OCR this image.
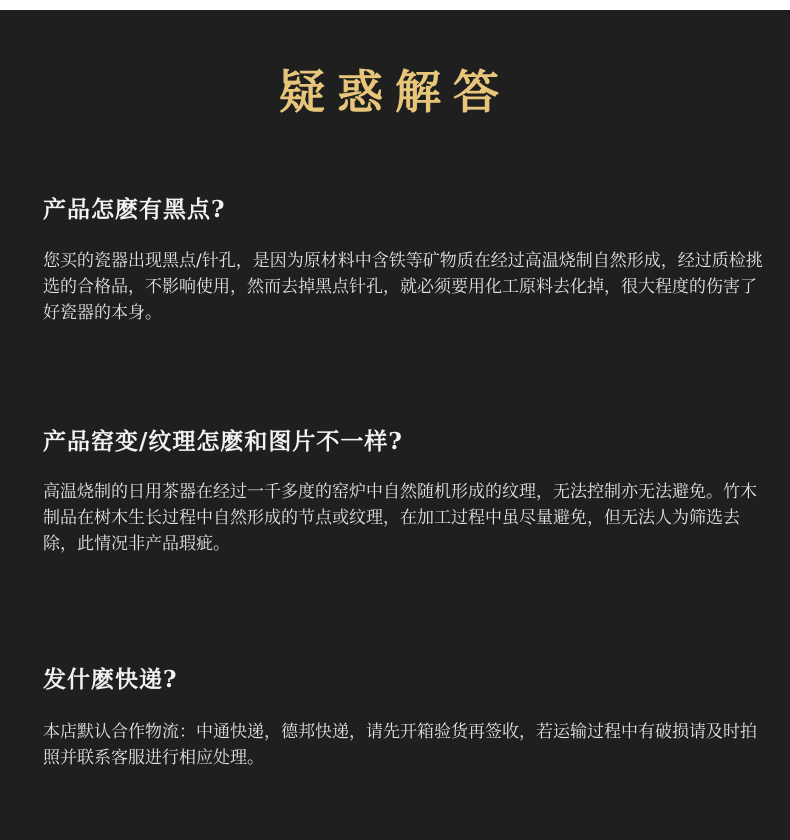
疑惑解答
产品怎麽有黑点?

您买的瓷器出现黑点/针孔，是因为原材料中含铁等矿物质在经过高温烧制自然形成，经过质检挑选的合格品，不影响使用，然而去掉黑点针孔，就必须要用化工原料去化掉，很大程度的伤害了好瓷器的本身。

产品窑变/纹理怎麽和图片不一样?

高温烧制的日用茶器在经过一千多度的窑炉中自然随机形成的纹理，无法控制亦无法避免。竹木制品在树木生长过程中自然形成的节点或纹理，在加工过程中虽尽量避免，但无法人为筛选去除，此情况非产品瑕疵。

发什麽快递?

本店默认合作物流：中通快递，德邦快递，请先开箱验货再签收，若运输过程中有破损请及时拍照并联系客服进行相应处理。
